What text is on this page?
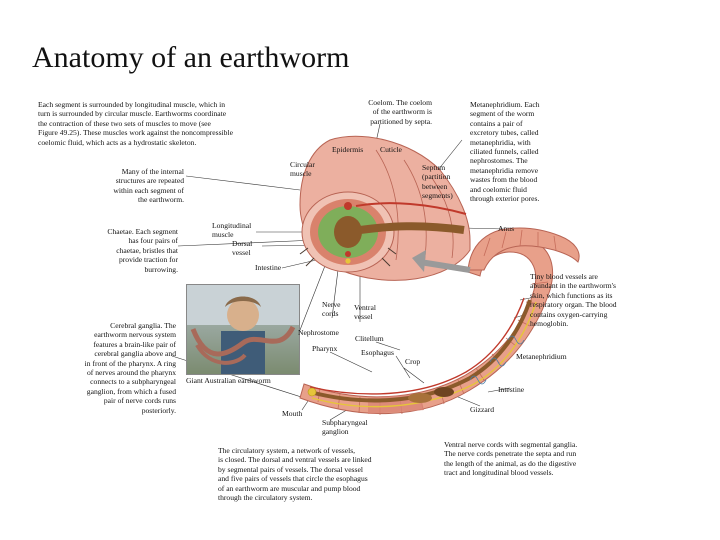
Anatomy of an earthworm
Each segment is surrounded by longitudinal muscle, which in
turn is surrounded by circular muscle. Earthworms coordinate
the contraction of these two sets of muscles to move (see
Figure 49.25). These muscles work against the noncompressible
coelomic fluid, which acts as a hydrostatic skeleton.
Coelom. The coelom
of the earthworm is
partitioned by septa.
Metanephridium. Each
segment of the worm
contains a pair of
excretory tubes, called
metanephridia, with
ciliated funnels, called
nephrostomes. The
metanephridia remove
wastes from the blood
and coelomic fluid
through exterior pores.
Epidermis Cuticle
Septum
(partition
between
segments)
Circular
muscle
Many of the internal
structures are repeated
within each segment of
the earthworm.
Chaetae. Each segment
has four pairs of
chaetae, bristles that
provide traction for
burrowing.
Longitudinal
muscle
Dorsal
vessel
Intestine
Anus
Tiny blood vessels are
abundant in the earthworm's
skin, which functions as its
respiratory organ. The blood
contains oxygen-carrying
hemoglobin.
Nerve
cords
Ventral
vessel
Cerebral ganglia. The
earthworm nervous system
features a brain-like pair of
cerebral ganglia above and
in front of the pharynx. A ring
of nerves around the pharynx
connects to a subpharyngeal
ganglion, from which a fused
pair of nerve cords runs
posteriorly.
Nephrostome
Clitellum
Pharynx	Esophagus
Crop
Metanephridium
Giant Australian earthworm
Intestine
Gizzard
Mouth
Subpharyngeal
ganglion
The circulatory system, a network of vessels,
is closed. The dorsal and ventral vessels are linked
by segmental pairs of vessels. The dorsal vessel
and five pairs of vessels that circle the esophagus
of an earthworm are muscular and pump blood
through the circulatory system.
Ventral nerve cords with segmental ganglia.
The nerve cords penetrate the septa and run
the length of the animal, as do the digestive
tract and longitudinal blood vessels.
